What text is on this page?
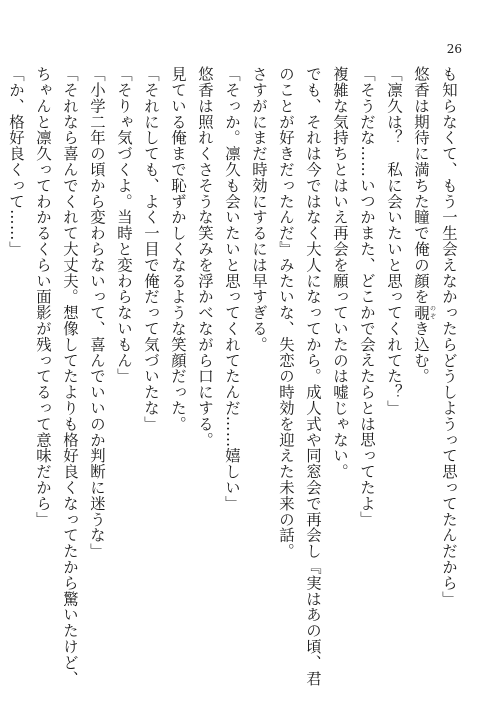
26
も知らなくて、もう一生会えなかったらどうしようって思ってたんだから」
悠香は期待に満ちた瞳で俺の顔を覗のぞき込む。
「凛久は？　私に会いたいと思ってくれてた？」
「そうだな……いつかまた、どこかで会えたらとは思ってたよ」
複雑な気持ちとはいえ再会を願っていたのは嘘じゃない。
でも、それは今ではなく大人になってから。成人式や同窓会で再会し『実はあの頃、君
のことが好きだったんだ』みたいな、失恋の時効を迎えた未来の話。
さすがにまだ時効にするには早すぎる。
「そっか。凛久も会いたいと思ってくれてたんだ……嬉しい」
悠香は照れくさそうな笑みを浮かべながら口にする。
見ている俺まで恥ずかしくなるような笑顔だった。
「それにしても、よく一目で俺だって気づいたな」
「そりゃ気づくよ。当時と変わらないもん」
「小学二年の頃から変わらないって、喜んでいいのか判断に迷うな」
「それなら喜んでくれて大丈夫。想像してたよりも格好良くなってたから驚いたけど、
ちゃんと凛久ってわかるくらい面影が残ってるって意味だから」
「か、格好良くって……」
